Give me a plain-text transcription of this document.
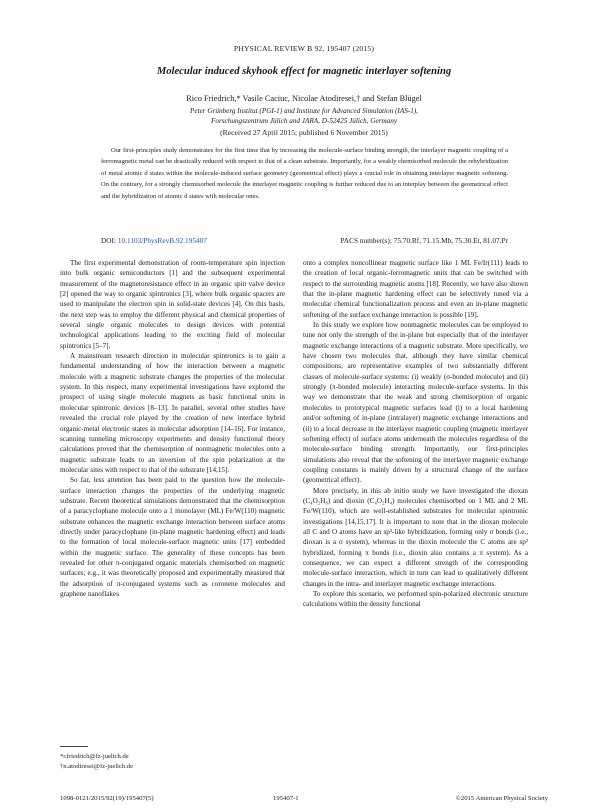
PHYSICAL REVIEW B 92, 195407 (2015)
Molecular induced skyhook effect for magnetic interlayer softening
Rico Friedrich,* Vasile Caciuc, Nicolae Atodiresei,† and Stefan Blügel
Peter Grünberg Institut (PGI-1) and Institute for Advanced Simulation (IAS-1),
Forschungszentrum Jülich and JARA, D-52425 Jülich, Germany
(Received 27 April 2015; published 6 November 2015)

Our first-principles study demonstrates for the first time that by increasing the molecule-surface binding strength, the interlayer magnetic coupling of a ferromagnetic metal can be drastically reduced with respect to that of a clean substrate. Importantly, for a weakly chemisorbed molecule the rehybridization of metal atomic d states within the molecule-induced surface geometry (geometrical effect) plays a crucial role in obtaining interlayer magnetic softening. On the contrary, for a strongly chemisorbed molecule the interlayer magnetic coupling is further reduced due to an interplay between the geometrical effect and the hybridization of atomic d states with molecular ones.

DOI: 10.1103/PhysRevB.92.195407	PACS number(s): 75.70.Rf, 71.15.Mb, 75.30.Et, 81.07.Pr

The first experimental demonstration of room-temperature spin injection into bulk organic semiconductors [1] and the subsequent experimental measurement of the magnetoresistance effect in an organic spin valve device [2] opened the way to organic spintronics [3], where bulk organic spacers are used to manipulate the electron spin in solid-state devices [4]. On this basis, the next step was to employ the different physical and chemical properties of several single organic molecules to design devices with potential technological applications leading to the exciting field of molecular spintronics [5–7].

A mainstream research direction in molecular spintronics is to gain a fundamental understanding of how the interaction between a magnetic molecule with a magnetic substrate changes the properties of the molecular system. In this respect, many experimental investigations have explored the prospect of using single molecule magnets as basic functional units in molecular spintronic devices [8–13]. In parallel, several other studies have revealed the crucial role played by the creation of new interface hybrid organic-metal electronic states in molecular adsorption [14–16]. For instance, scanning tunneling microscopy experiments and density functional theory calculations proved that the chemisorption of nonmagnetic molecules onto a magnetic substrate leads to an inversion of the spin polarization at the molecular sites with respect to that of the substrate [14,15].

So far, less attention has been paid to the question how the molecule-surface interaction changes the properties of the underlying magnetic substrate. Recent theoretical simulations demonstrated that the chemisorption of a paracyclophane molecule onto a 1 monolayer (ML) Fe/W(110) magnetic substrate enhances the magnetic exchange interaction between surface atoms directly under paracyclophane (in-plane magnetic hardening effect) and leads to the formation of local molecule-surface magnetic units [17] embedded within the magnetic surface. The generality of these concepts has been revealed for other π-conjugated organic materials chemisorbed on magnetic surfaces; e.g., it was theoretically proposed and experimentally measured that the adsorption of π-conjugated systems such as coronene molecules and graphene nanoflakes

onto a complex noncollinear magnetic surface like 1 ML Fe/Ir(111) leads to the creation of local organic-ferromagnetic units that can be switched with respect to the surrounding magnetic atoms [18]. Recently, we have also shown that the in-plane magnetic hardening effect can be selectively tuned via a molecular chemical functionalization process and even an in-plane magnetic softening of the surface exchange interaction is possible [19].

In this study we explore how nonmagnetic molecules can be employed to tune not only the strength of the in-plane but especially that of the interlayer magnetic exchange interactions of a magnetic substrate. More specifically, we have chosen two molecules that, although they have similar chemical compositions, are representative examples of two substantially different classes of molecule-surface systems: (i) weakly (σ-bonded molecule) and (ii) strongly (π-bonded molecule) interacting molecule-surface systems. In this way we demonstrate that the weak and strong chemisorption of organic molecules to prototypical magnetic surfaces lead (i) to a local hardening and/or softening of in-plane (intralayer) magnetic exchange interactions and (ii) to a local decrease in the interlayer magnetic coupling (magnetic interlayer softening effect) of surface atoms underneath the molecules regardless of the molecule-surface binding strength. Importantly, our first-principles simulations also reveal that the softening of the interlayer magnetic exchange coupling constants is mainly driven by a structural change of the surface (geometrical effect).

More precisely, in this ab initio study we have investigated the dioxan (C₄O₂H₈) and dioxin (C₄O₂H₄) molecules chemisorbed on 1 ML and 2 ML Fe/W(110), which are well-established substrates for molecular spintronic investigations [14,15,17]. It is important to note that in the dioxan molecule all C and O atoms have an sp³-like hybridization, forming only σ bonds (i.e., dioxan is a σ system), whereas in the dioxin molecule the C atoms are sp² hybridized, forming π bonds (i.e., dioxin also contains a π system). As a consequence, we can expect a different strength of the corresponding molecule-surface interaction, which in turn can lead to qualitatively different changes in the intra- and interlayer magnetic exchange interactions.

To explore this scenario, we performed spin-polarized electronic structure calculations within the density functional

*r.friedrich@fz-juelich.de
†n.atodiresei@fz-juelich.de
1098-0121/2015/92(19)/195407(5)	195407-1	©2015 American Physical Society
